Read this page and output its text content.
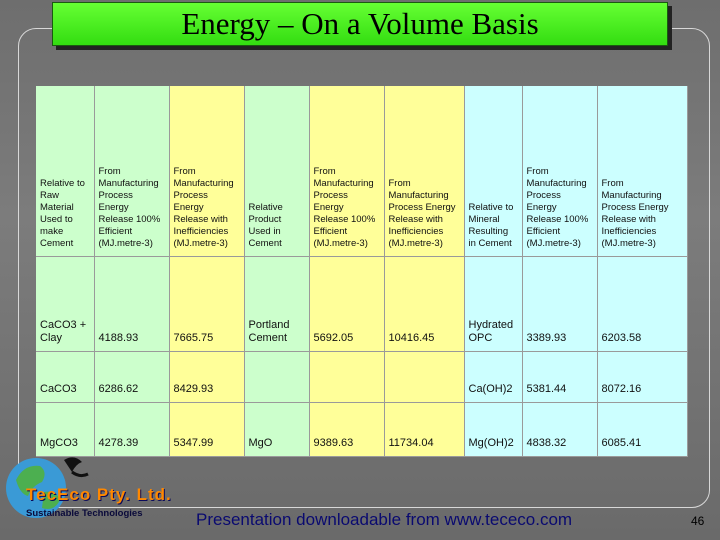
Energy – On a Volume Basis
Relative to Raw Material Used to make Cement	From Manufacturing Process Energy Release 100% Efficient (MJ.metre-3)	From Manufacturing Process Energy Release with Inefficiencies (MJ.metre-3)	Relative Product Used in Cement	From Manufacturing Process Energy Release 100% Efficient (MJ.metre-3)	From Manufacturing Process Energy Release with Inefficiencies (MJ.metre-3)	Relative to Mineral Resulting in Cement	From Manufacturing Process Energy Release 100% Efficient (MJ.metre-3)	From Manufacturing Process Energy Release with Inefficiencies (MJ.metre-3)
CaCO3 + Clay	4188.93	7665.75	Portland Cement	5692.05	10416.45	Hydrated OPC	3389.93	6203.58
CaCO3	6286.62	8429.93				Ca(OH)2	5381.44	8072.16
MgCO3	4278.39	5347.99	MgO	9389.63	11734.04	Mg(OH)2	4838.32	6085.41
TecEco Pty. Ltd.
Sustainable Technologies	Presentation downloadable from www.tececo.com	46
